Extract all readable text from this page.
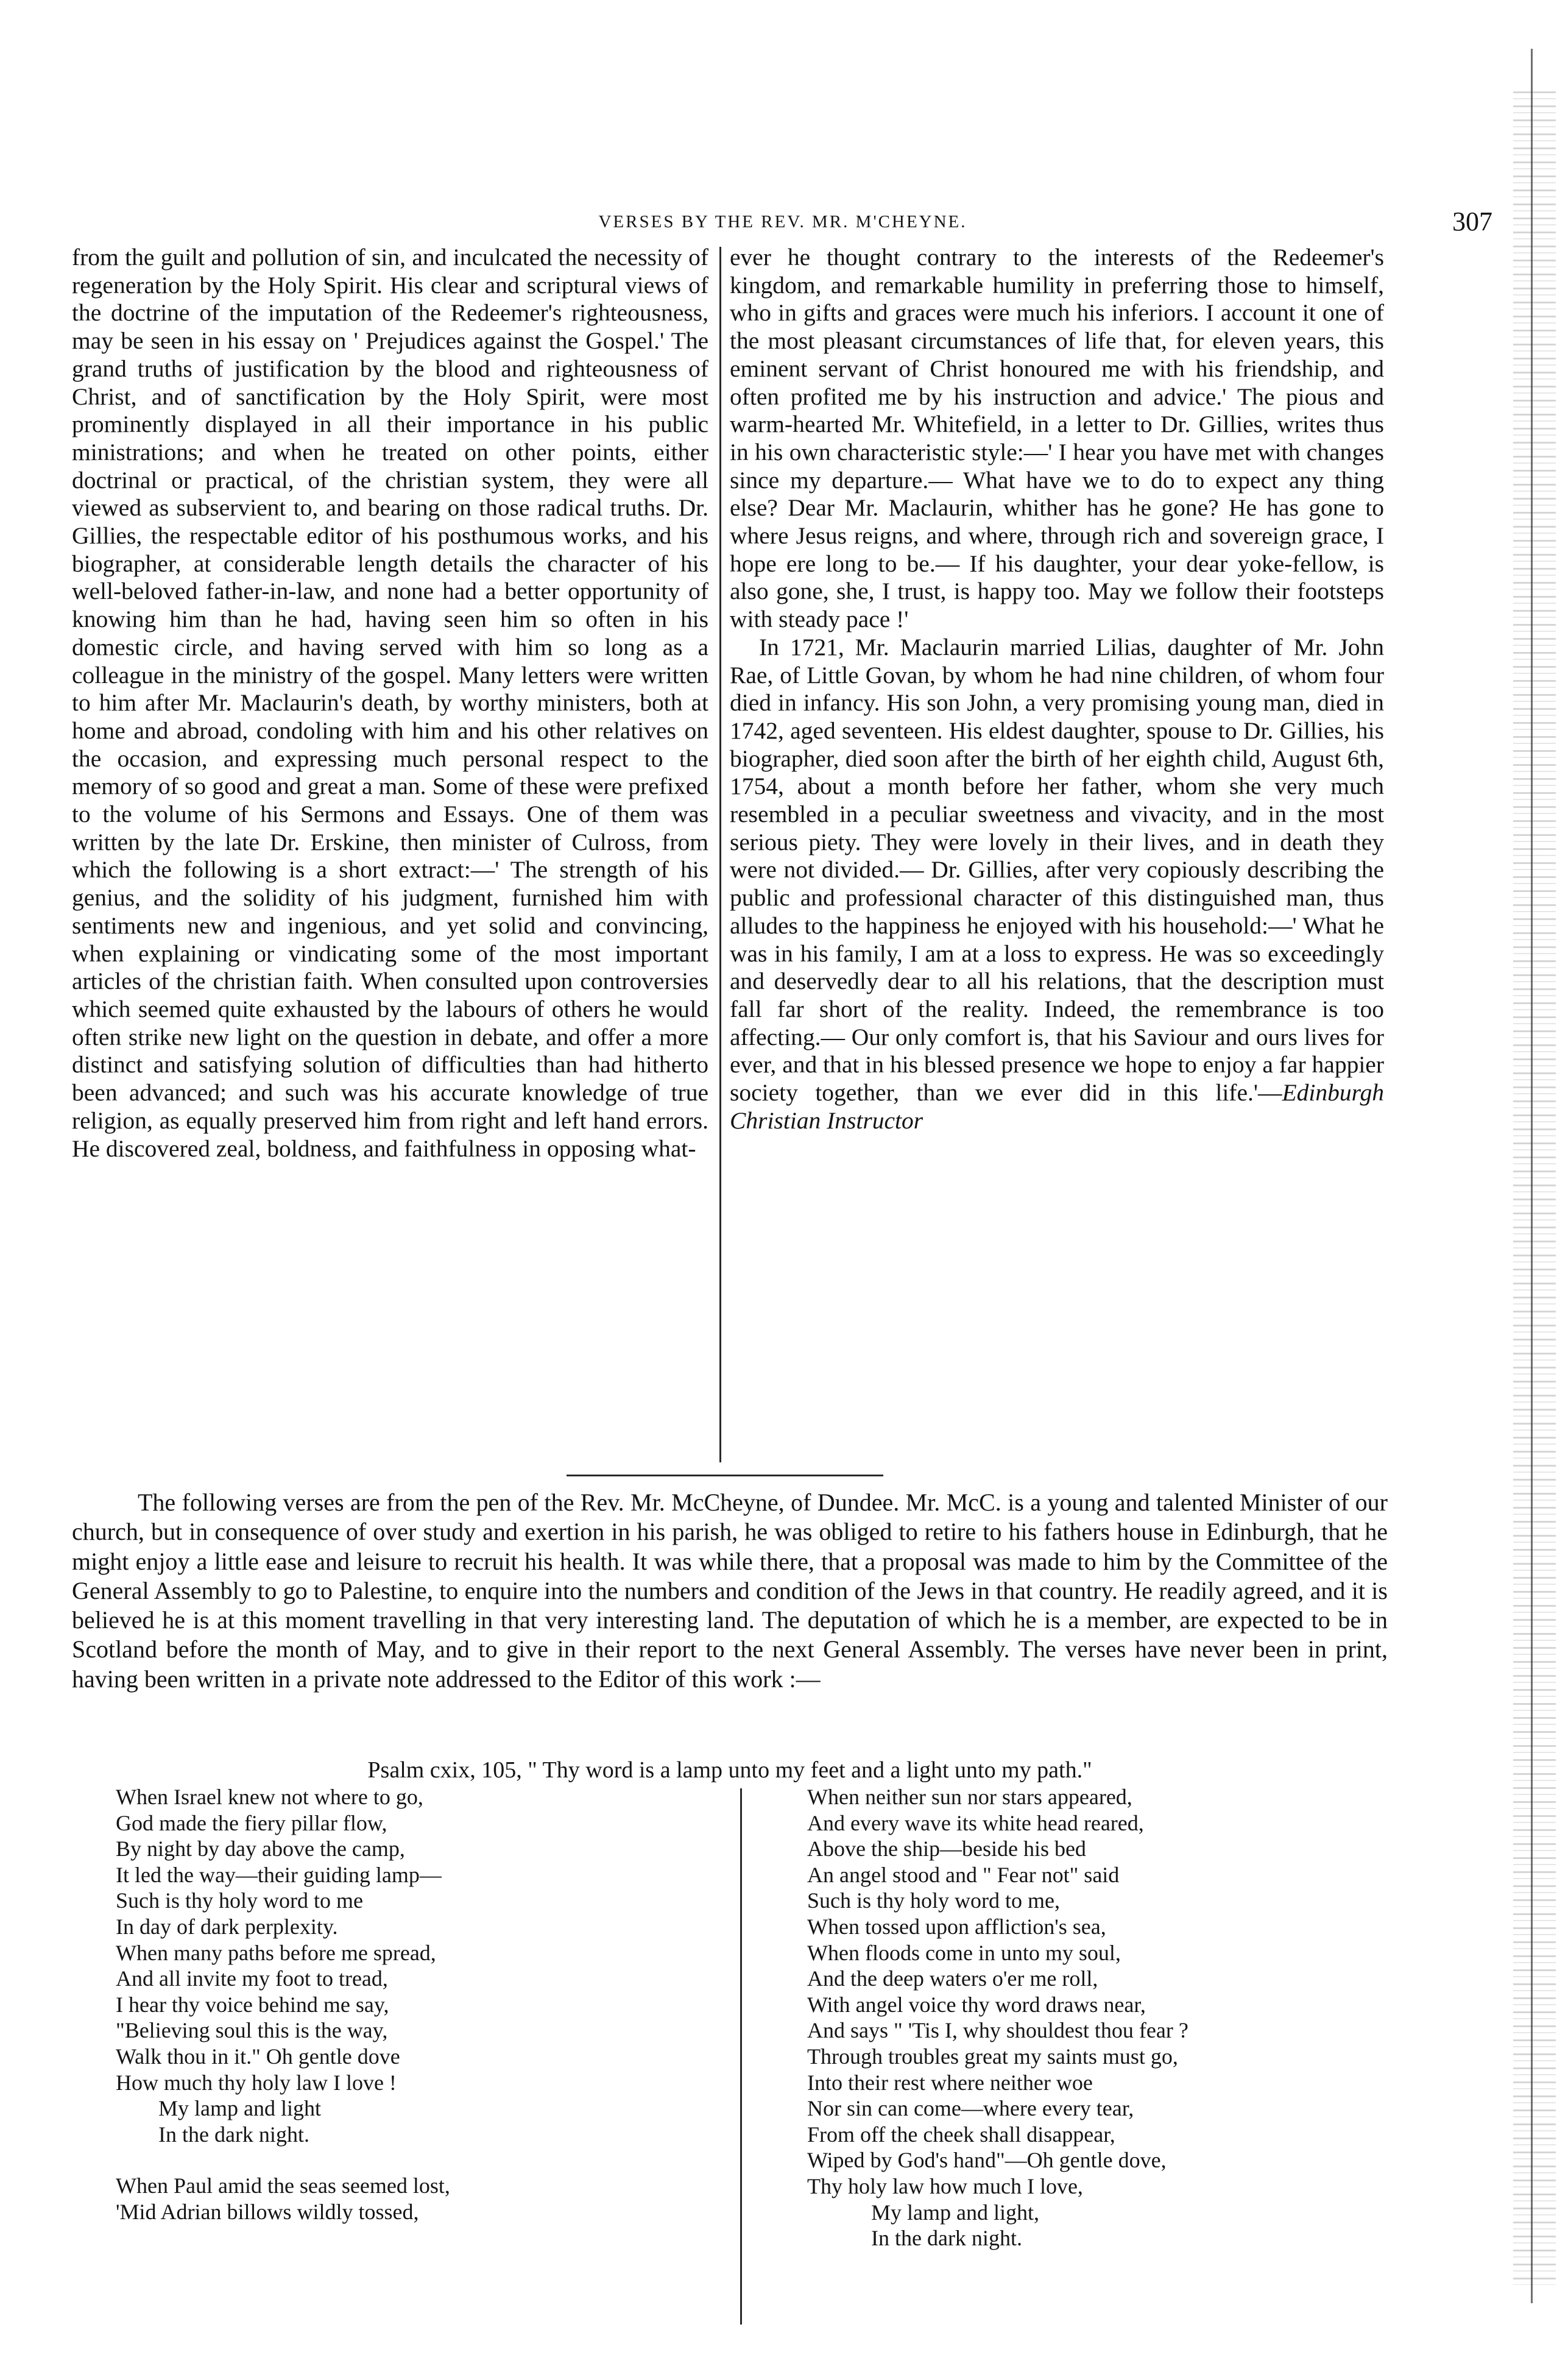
VERSES BY THE REV. MR. M'CHEYNE.	307

from the guilt and pollution of sin, and inculcated the necessity of regeneration by the Holy Spirit. His clear and scriptural views of the doctrine of the imputation of the Redeemer's righteousness, may be seen in his essay on ' Prejudices against the Gospel.' The grand truths of justification by the blood and righteousness of Christ, and of sanctification by the Holy Spirit, were most prominently displayed in all their importance in his public ministrations; and when he treated on other points, either doctrinal or practical, of the christian system, they were all viewed as subservient to, and bearing on those radical truths. Dr. Gillies, the respectable editor of his posthumous works, and his biographer, at considerable length details the character of his well-beloved father-in-law, and none had a better opportunity of knowing him than he had, having seen him so often in his domestic circle, and having served with him so long as a colleague in the ministry of the gospel. Many letters were written to him after Mr. Maclaurin's death, by worthy ministers, both at home and abroad, condoling with him and his other relatives on the occasion, and expressing much personal respect to the memory of so good and great a man. Some of these were prefixed to the volume of his Sermons and Essays. One of them was written by the late Dr. Erskine, then minister of Culross, from which the following is a short extract:—' The strength of his genius, and the solidity of his judgment, furnished him with sentiments new and ingenious, and yet solid and convincing, when explaining or vindicating some of the most important articles of the christian faith. When consulted upon controversies which seemed quite exhausted by the labours of others he would often strike new light on the question in debate, and offer a more distinct and satisfying solution of difficulties than had hitherto been advanced; and such was his accurate knowledge of true religion, as equally preserved him from right and left hand errors. He discovered zeal, boldness, and faithfulness in opposing what-

ever he thought contrary to the interests of the Redeemer's kingdom, and remarkable humility in preferring those to himself, who in gifts and graces were much his inferiors. I account it one of the most pleasant circumstances of life that, for eleven years, this eminent servant of Christ honoured me with his friendship, and often profited me by his instruction and advice.' The pious and warm-hearted Mr. Whitefield, in a letter to Dr. Gillies, writes thus in his own characteristic style:—' I hear you have met with changes since my departure.— What have we to do to expect any thing else? Dear Mr. Maclaurin, whither has he gone? He has gone to where Jesus reigns, and where, through rich and sovereign grace, I hope ere long to be.— If his daughter, your dear yoke-fellow, is also gone, she, I trust, is happy too. May we follow their footsteps with steady pace !'

In 1721, Mr. Maclaurin married Lilias, daughter of Mr. John Rae, of Little Govan, by whom he had nine children, of whom four died in infancy. His son John, a very promising young man, died in 1742, aged seventeen. His eldest daughter, spouse to Dr. Gillies, his biographer, died soon after the birth of her eighth child, August 6th, 1754, about a month before her father, whom she very much resembled in a peculiar sweetness and vivacity, and in the most serious piety. They were lovely in their lives, and in death they were not divided.— Dr. Gillies, after very copiously describing the public and professional character of this distinguished man, thus alludes to the happiness he enjoyed with his household:—' What he was in his family, I am at a loss to express. He was so exceedingly and deservedly dear to all his relations, that the description must fall far short of the reality. Indeed, the remembrance is too affecting.— Our only comfort is, that his Saviour and ours lives for ever, and that in his blessed presence we hope to enjoy a far happier society together, than we ever did in this life.'—Edinburgh Christian Instructor

The following verses are from the pen of the Rev. Mr. McCheyne, of Dundee. Mr. McC. is a young and talented Minister of our church, but in consequence of over study and exertion in his parish, he was obliged to retire to his fathers house in Edinburgh, that he might enjoy a little ease and leisure to recruit his health. It was while there, that a proposal was made to him by the Committee of the General Assembly to go to Palestine, to enquire into the numbers and condition of the Jews in that country. He readily agreed, and it is believed he is at this moment travelling in that very interesting land. The deputation of which he is a member, are expected to be in Scotland before the month of May, and to give in their report to the next General Assembly. The verses have never been in print, having been written in a private note addressed to the Editor of this work :—

Psalm cxix, 105, " Thy word is a lamp unto my feet and a light unto my path."
When Israel knew not where to go,
God made the fiery pillar flow,
By night by day above the camp,
It led the way—their guiding lamp—
Such is thy holy word to me
In day of dark perplexity.
When many paths before me spread,
And all invite my foot to tread,
I hear thy voice behind me say,
"Believing soul this is the way,
Walk thou in it." Oh gentle dove
How much thy holy law I love !
My lamp and light
In the dark night.
When Paul amid the seas seemed lost,
'Mid Adrian billows wildly tossed,
When neither sun nor stars appeared,
And every wave its white head reared,
Above the ship—beside his bed
An angel stood and " Fear not" said
Such is thy holy word to me,
When tossed upon affliction's sea,
When floods come in unto my soul,
And the deep waters o'er me roll,
With angel voice thy word draws near,
And says " 'Tis I, why shouldest thou fear ?
Through troubles great my saints must go,
Into their rest where neither woe
Nor sin can come—where every tear,
From off the cheek shall disappear,
Wiped by God's hand"—Oh gentle dove,
Thy holy law how much I love,
My lamp and light,
In the dark night.
